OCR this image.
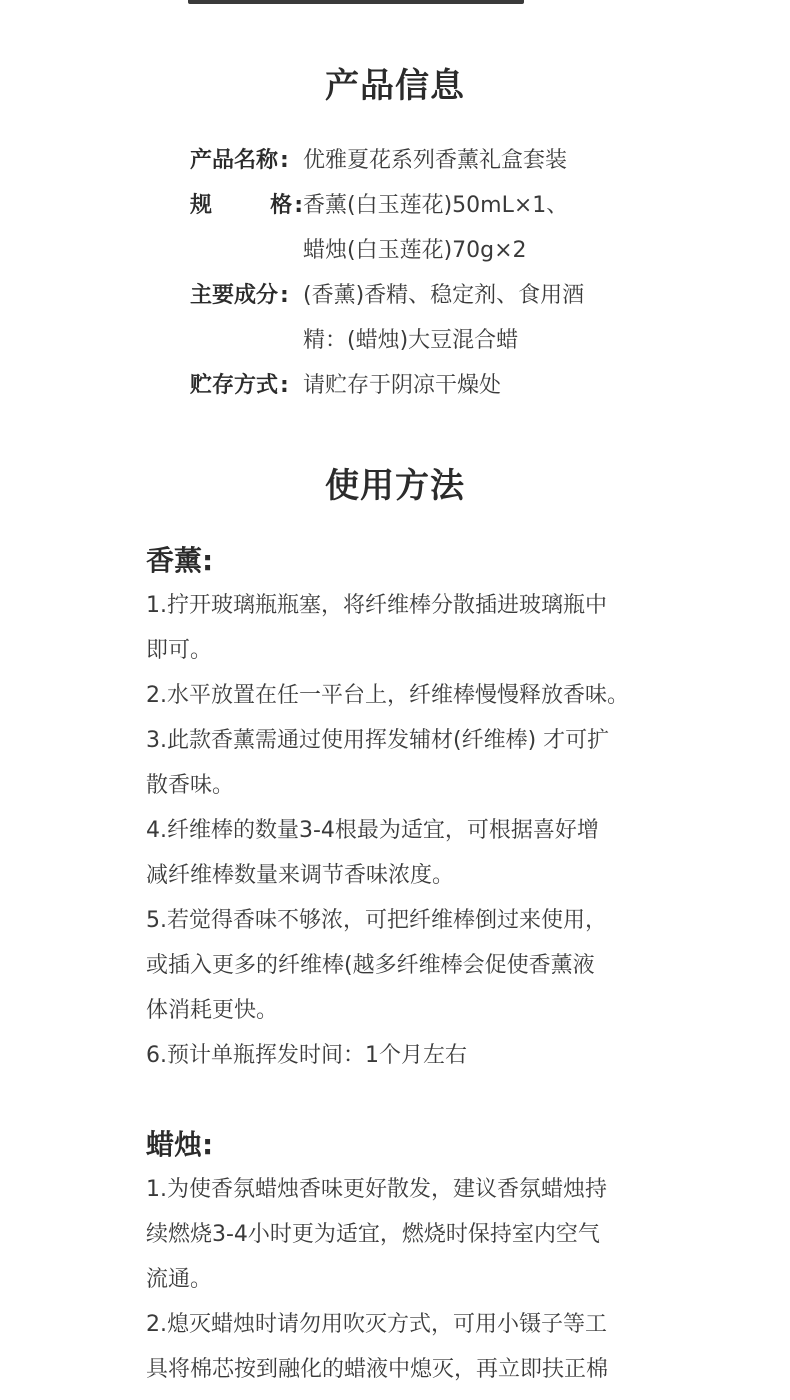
产品信息
产品名称: 优雅夏花系列香薰礼盒套装
规	格: 香薰(白玉莲花)50mL×1、
蜡烛(白玉莲花)70g×2
主要成分: (香薰)香精、稳定剂、食用酒
精：(蜡烛)大豆混合蜡
贮存方式: 请贮存于阴凉干燥处
使用方法
香薰:
1.拧开玻璃瓶瓶塞，将纤维棒分散插进玻璃瓶中
即可。
2.水平放置在任一平台上，纤维棒慢慢释放香味。
3.此款香薰需通过使用挥发辅材(纤维棒) 才可扩
散香味。
4.纤维棒的数量3-4根最为适宜，可根据喜好增
减纤维棒数量来调节香味浓度。
5.若觉得香味不够浓，可把纤维棒倒过来使用，
或插入更多的纤维棒(越多纤维棒会促使香薰液
体消耗更快。
6.预计单瓶挥发时间：1个月左右
蜡烛:
1.为使香氛蜡烛香味更好散发，建议香氛蜡烛持
续燃烧3-4小时更为适宜，燃烧时保持室内空气
流通。
2.熄灭蜡烛时请勿用吹灭方式，可用小镊子等工
具将棉芯按到融化的蜡液中熄灭，再立即扶正棉
